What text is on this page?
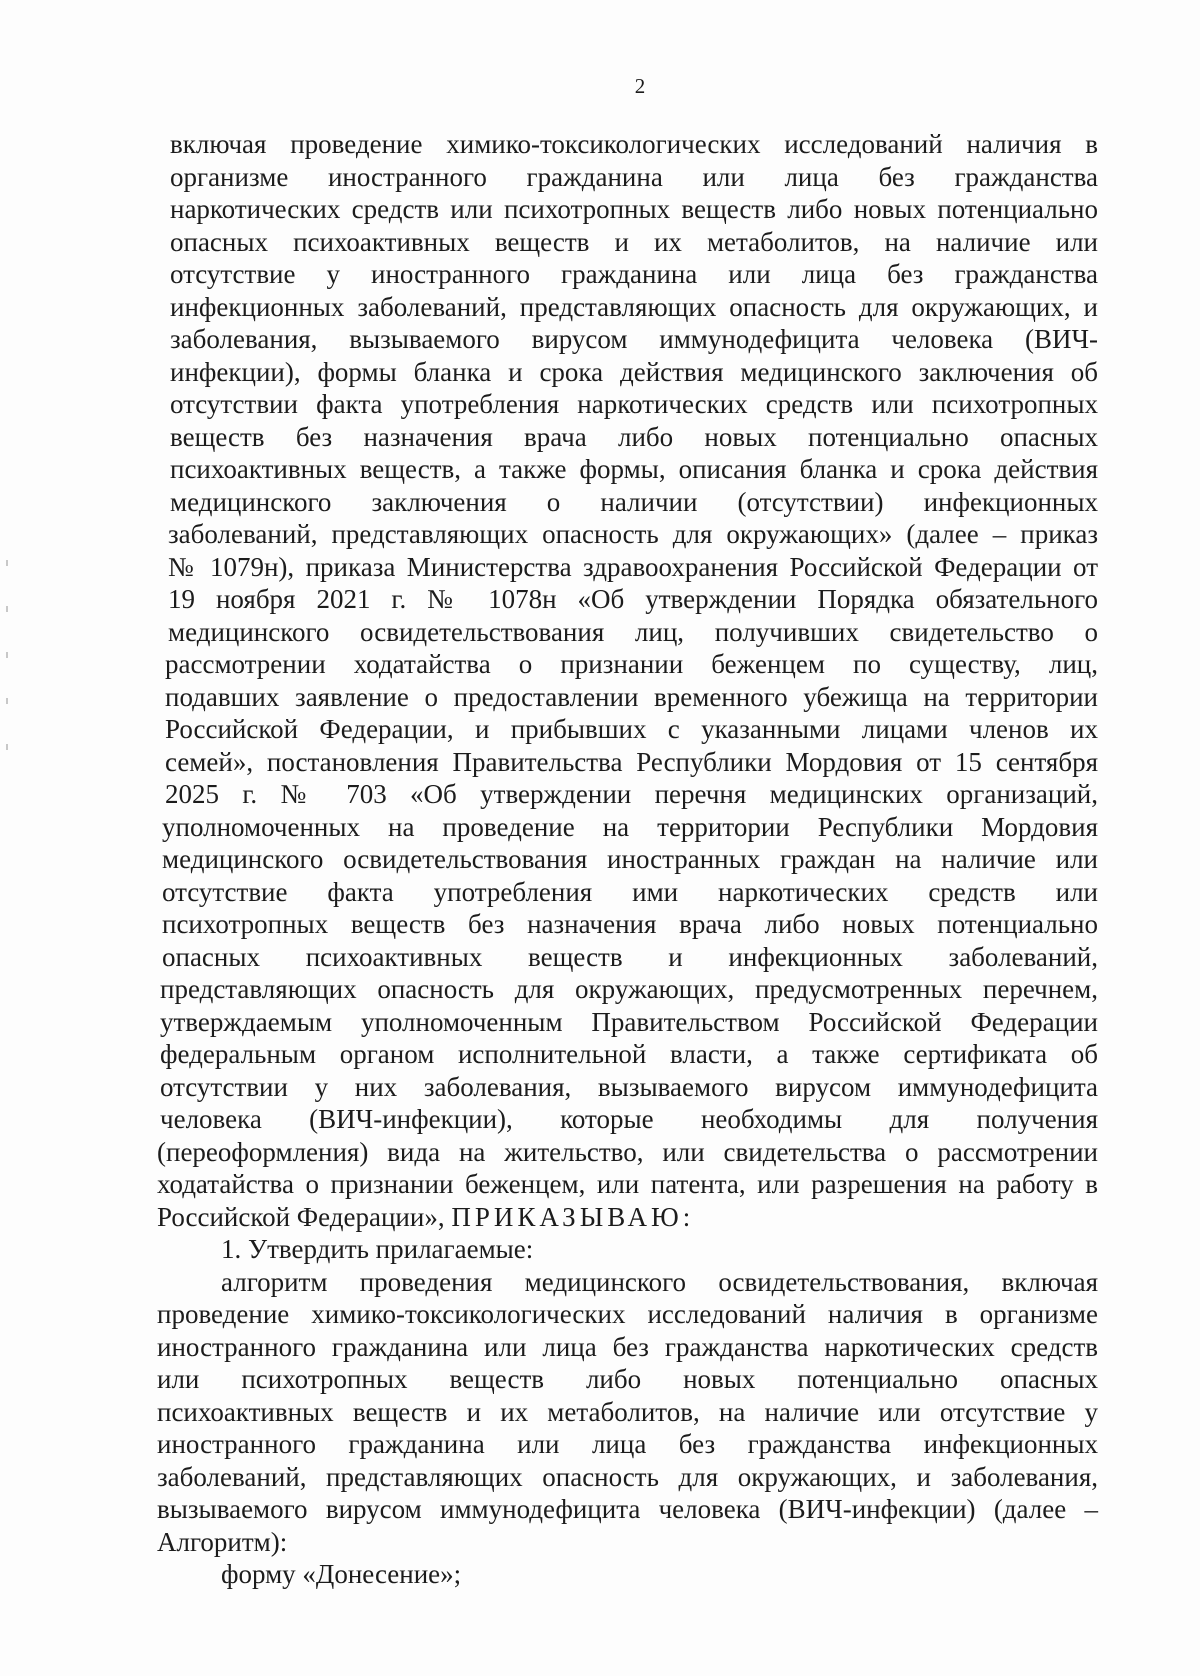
2
включая проведение химико-токсикологических исследований наличия в
организме иностранного гражданина или лица без гражданства
наркотических средств или психотропных веществ либо новых потенциально
опасных психоактивных веществ и их метаболитов, на наличие или
отсутствие у иностранного гражданина или лица без гражданства
инфекционных заболеваний, представляющих опасность для окружающих, и
заболевания, вызываемого вирусом иммунодефицита человека (ВИЧ-
инфекции), формы бланка и срока действия медицинского заключения об
отсутствии факта употребления наркотических средств или психотропных
веществ без назначения врача либо новых потенциально опасных
психоактивных веществ, а также формы, описания бланка и срока действия
медицинского заключения о наличии (отсутствии) инфекционных
заболеваний, представляющих опасность для окружающих» (далее – приказ
№ 1079н), приказа Министерства здравоохранения Российской Федерации от
19 ноября 2021 г. № 1078н «Об утверждении Порядка обязательного
медицинского освидетельствования лиц, получивших свидетельство о
рассмотрении ходатайства о признании беженцем по существу, лиц,
подавших заявление о предоставлении временного убежища на территории
Российской Федерации, и прибывших с указанными лицами членов их
семей», постановления Правительства Республики Мордовия от 15 сентября
2025 г. № 703 «Об утверждении перечня медицинских организаций,
уполномоченных на проведение на территории Республики Мордовия
медицинского освидетельствования иностранных граждан на наличие или
отсутствие факта употребления ими наркотических средств или
психотропных веществ без назначения врача либо новых потенциально
опасных психоактивных веществ и инфекционных заболеваний,
представляющих опасность для окружающих, предусмотренных перечнем,
утверждаемым уполномоченным Правительством Российской Федерации
федеральным органом исполнительной власти, а также сертификата об
отсутствии у них заболевания, вызываемого вирусом иммунодефицита
человека (ВИЧ-инфекции), которые необходимы для получения
(переоформления) вида на жительство, или свидетельства о рассмотрении
ходатайства о признании беженцем, или патента, или разрешения на работу в
Российской Федерации», ПРИКАЗЫВАЮ:
1. Утвердить прилагаемые:
алгоритм проведения медицинского освидетельствования, включая
проведение химико-токсикологических исследований наличия в организме
иностранного гражданина или лица без гражданства наркотических средств
или психотропных веществ либо новых потенциально опасных
психоактивных веществ и их метаболитов, на наличие или отсутствие у
иностранного гражданина или лица без гражданства инфекционных
заболеваний, представляющих опасность для окружающих, и заболевания,
вызываемого вирусом иммунодефицита человека (ВИЧ-инфекции) (далее –
Алгоритм):
форму «Донесение»;
